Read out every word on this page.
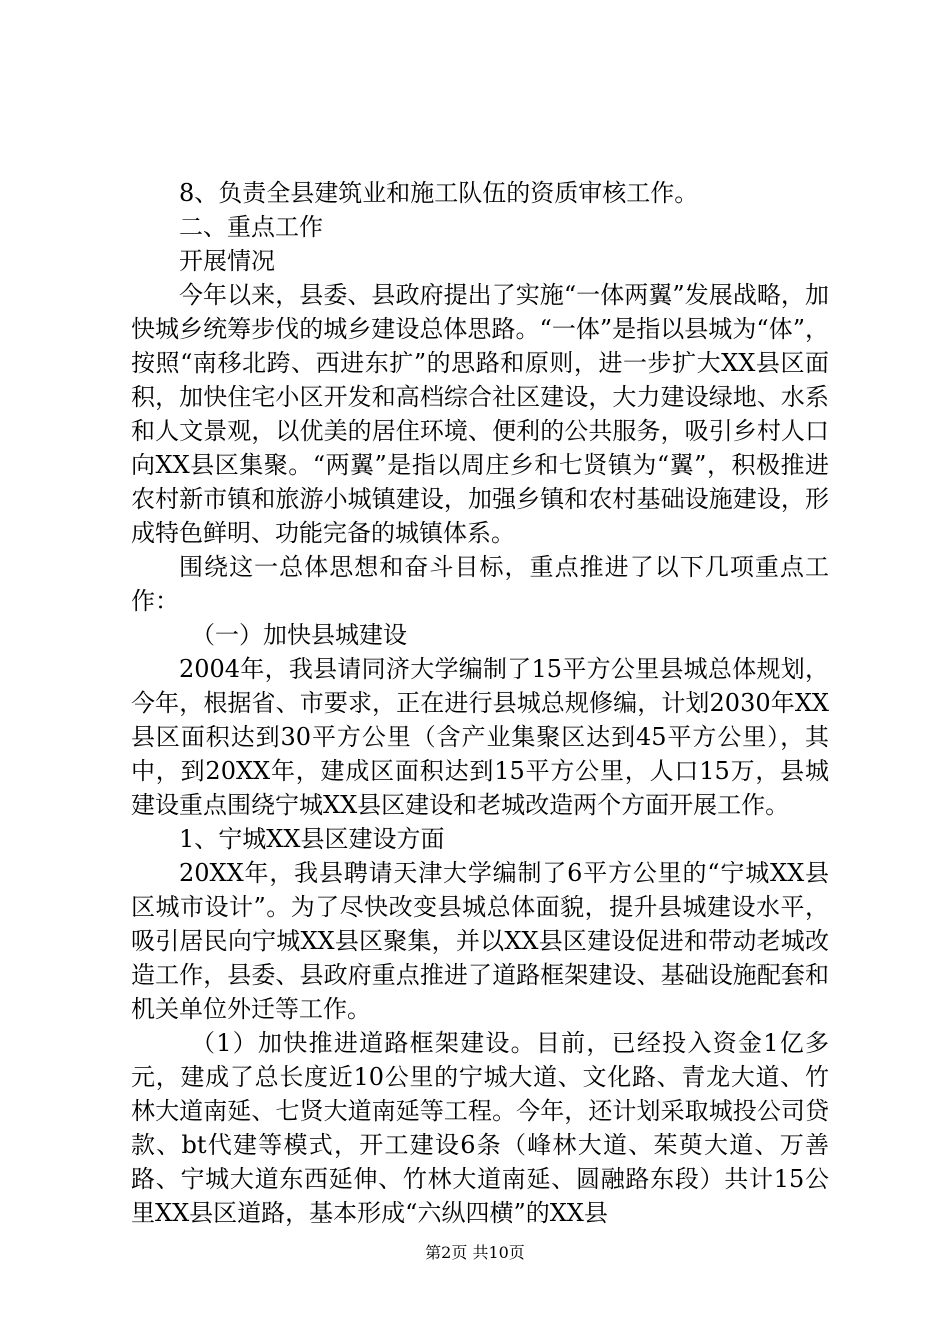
8、负责全县建筑业和施工队伍的资质审核工作。

二、重点工作

开展情况

今年以来，县委、县政府提出了实施“一体两翼”发展战略，加快城乡统筹步伐的城乡建设总体思路。“一体”是指以县城为“体”，按照“南移北跨、西进东扩”的思路和原则，进一步扩大XX县区面积，加快住宅小区开发和高档综合社区建设，大力建设绿地、水系和人文景观，以优美的居住环境、便利的公共服务，吸引乡村人口向XX县区集聚。“两翼”是指以周庄乡和七贤镇为“翼”，积极推进农村新市镇和旅游小城镇建设，加强乡镇和农村基础设施建设，形成特色鲜明、功能完备的城镇体系。

围绕这一总体思想和奋斗目标，重点推进了以下几项重点工作：

（一）加快县城建设

2004年，我县请同济大学编制了15平方公里县城总体规划，今年，根据省、市要求，正在进行县城总规修编，计划2030年XX县区面积达到30平方公里（含产业集聚区达到45平方公里），其中，到20XX年，建成区面积达到15平方公里，人口15万，县城建设重点围绕宁城XX县区建设和老城改造两个方面开展工作。

1、宁城XX县区建设方面

20XX年，我县聘请天津大学编制了6平方公里的“宁城XX县区城市设计”。为了尽快改变县城总体面貌，提升县城建设水平，吸引居民向宁城XX县区聚集，并以XX县区建设促进和带动老城改造工作，县委、县政府重点推进了道路框架建设、基础设施配套和机关单位外迁等工作。

（1）加快推进道路框架建设。目前，已经投入资金1亿多元，建成了总长度近10公里的宁城大道、文化路、青龙大道、竹林大道南延、七贤大道南延等工程。今年，还计划采取城投公司贷款、bt代建等模式，开工建设6条（峰林大道、茱萸大道、万善路、宁城大道东西延伸、竹林大道南延、圆融路东段）共计15公里XX县区道路，基本形成“六纵四横”的XX县

第2页 共10页
